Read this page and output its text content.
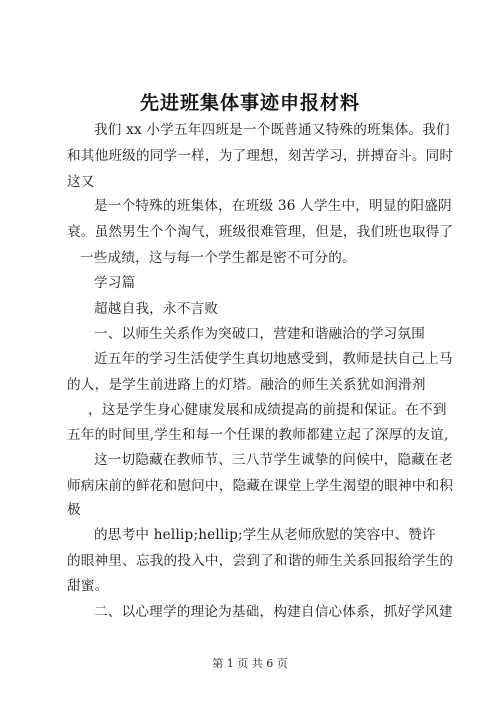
先进班集体事迹申报材料
我们 xx 小学五年四班是一个既普通又特殊的班集体。我们
和其他班级的同学一样，为了理想，刻苦学习，拼搏奋斗。同时
这又
是一个特殊的班集体，在班级 36 人学生中，明显的阳盛阴
衰。虽然男生个个淘气，班级很难管理，但是，我们班也取得了
一些成绩，这与每一个学生都是密不可分的。
学习篇
超越自我，永不言败
一、以师生关系作为突破口，营建和谐融洽的学习氛围
近五年的学习生活使学生真切地感受到，教师是扶自己上马
的人，是学生前进路上的灯塔。融洽的师生关系犹如润滑剂
，这是学生身心健康发展和成绩提高的前提和保证。在不到
五年的时间里,学生和每一个任课的教师都建立起了深厚的友谊,
这一切隐藏在教师节、三八节学生诚挚的问候中，隐藏在老
师病床前的鲜花和慰问中，隐藏在课堂上学生渴望的眼神中和积
极
的思考中 hellip;hellip;学生从老师欣慰的笑容中、赞许
的眼神里、忘我的投入中，尝到了和谐的师生关系回报给学生的
甜蜜。
二、以心理学的理论为基础，构建自信心体系，抓好学风建
第 1 页 共 6 页
